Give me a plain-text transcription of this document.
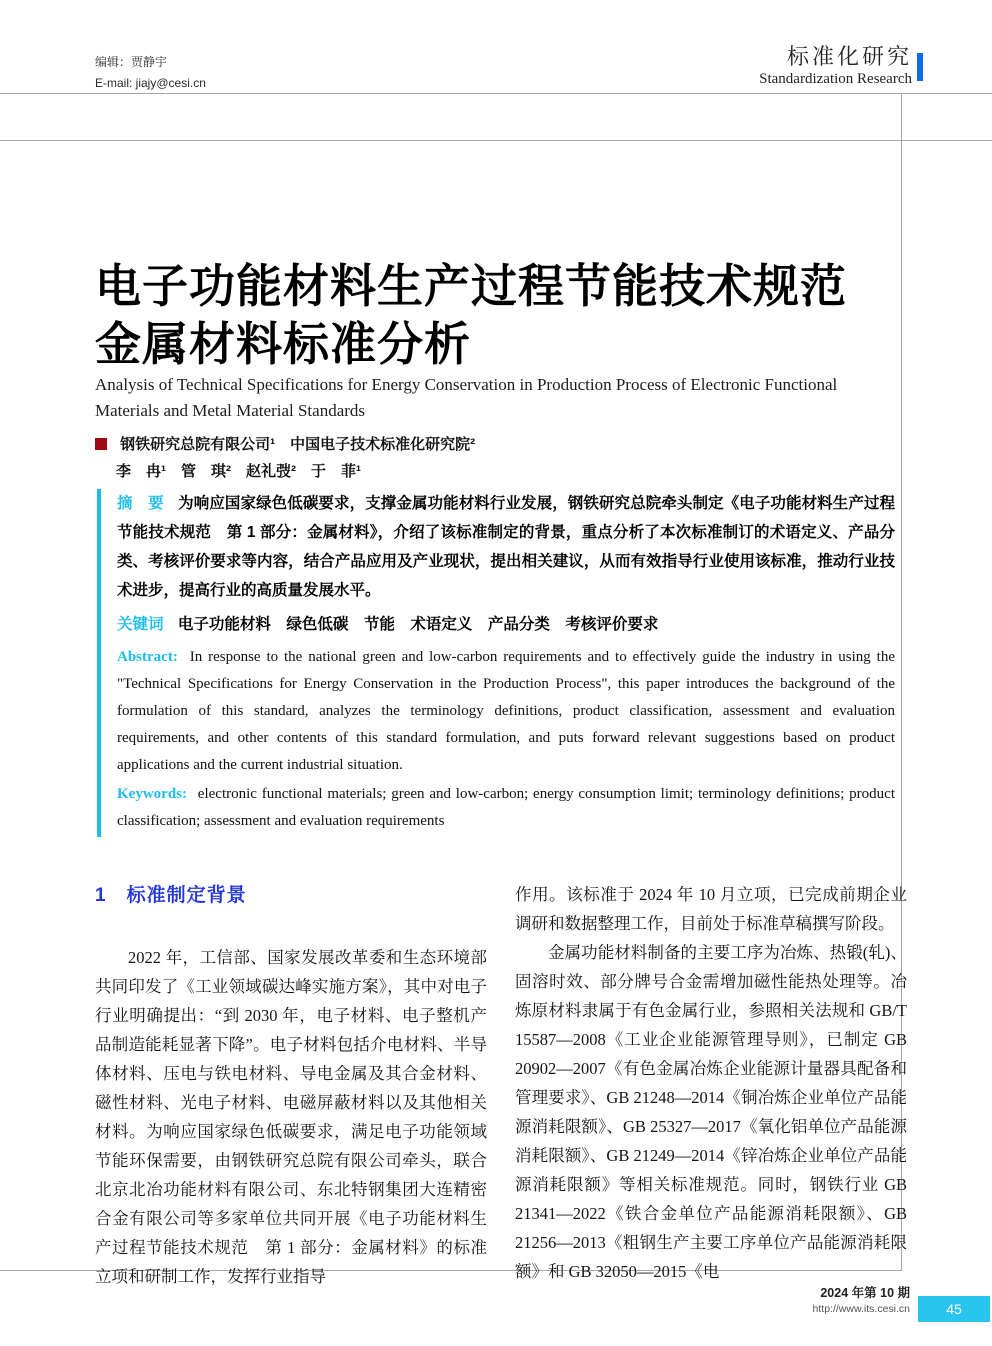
编辑：贾静宇
E-mail: jiajy@cesi.cn
标准化研究
Standardization Research
电子功能材料生产过程节能技术规范
金属材料标准分析
Analysis of Technical Specifications for Energy Conservation in Production Process of Electronic Functional Materials and Metal Material Standards
钢铁研究总院有限公司¹　中国电子技术标准化研究院²
李　冉¹　管　琪²　赵礼弢²　于　菲¹

摘　要 为响应国家绿色低碳要求，支撑金属功能材料行业发展，钢铁研究总院牵头制定《电子功能材料生产过程节能技术规范　第 1 部分：金属材料》，介绍了该标准制定的背景，重点分析了本次标准制订的术语定义、产品分类、考核评价要求等内容，结合产品应用及产业现状，提出相关建议，从而有效指导行业使用该标准，推动行业技术进步，提高行业的高质量发展水平。

关键词 电子功能材料　绿色低碳　节能　术语定义　产品分类　考核评价要求

Abstract: In response to the national green and low-carbon requirements and to effectively guide the industry in using the "Technical Specifications for Energy Conservation in the Production Process", this paper introduces the background of the formulation of this standard, analyzes the terminology definitions, product classification, assessment and evaluation requirements, and other contents of this standard formulation, and puts forward relevant suggestions based on product applications and the current industrial situation.

Keywords: electronic functional materials; green and low-carbon; energy consumption limit; terminology definitions; product classification; assessment and evaluation requirements

1　标准制定背景

2022 年，工信部、国家发展改革委和生态环境部共同印发了《工业领域碳达峰实施方案》，其中对电子行业明确提出：“到 2030 年，电子材料、电子整机产品制造能耗显著下降”。电子材料包括介电材料、半导体材料、压电与铁电材料、导电金属及其合金材料、磁性材料、光电子材料、电磁屏蔽材料以及其他相关材料。为响应国家绿色低碳要求，满足电子功能领域节能环保需要，由钢铁研究总院有限公司牵头，联合北京北冶功能材料有限公司、东北特钢集团大连精密合金有限公司等多家单位共同开展《电子功能材料生产过程节能技术规范　第 1 部分：金属材料》的标准立项和研制工作，发挥行业指导

作用。该标准于 2024 年 10 月立项，已完成前期企业调研和数据整理工作，目前处于标准草稿撰写阶段。

金属功能材料制备的主要工序为冶炼、热锻(轧)、固溶时效、部分牌号合金需增加磁性能热处理等。冶炼原材料隶属于有色金属行业，参照相关法规和 GB/T 15587—2008《工业企业能源管理导则》，已制定 GB 20902—2007《有色金属冶炼企业能源计量器具配备和管理要求》、GB 21248—2014《铜冶炼企业单位产品能源消耗限额》、GB 25327—2017《氧化铝单位产品能源消耗限额》、GB 21249—2014《锌冶炼企业单位产品能源消耗限额》等相关标准规范。同时，钢铁行业 GB 21341—2022《铁合金单位产品能源消耗限额》、GB 21256—2013《粗钢生产主要工序单位产品能源消耗限额》和 GB 32050—2015《电

2024 年第 10 期
http://www.its.cesi.cn	45
